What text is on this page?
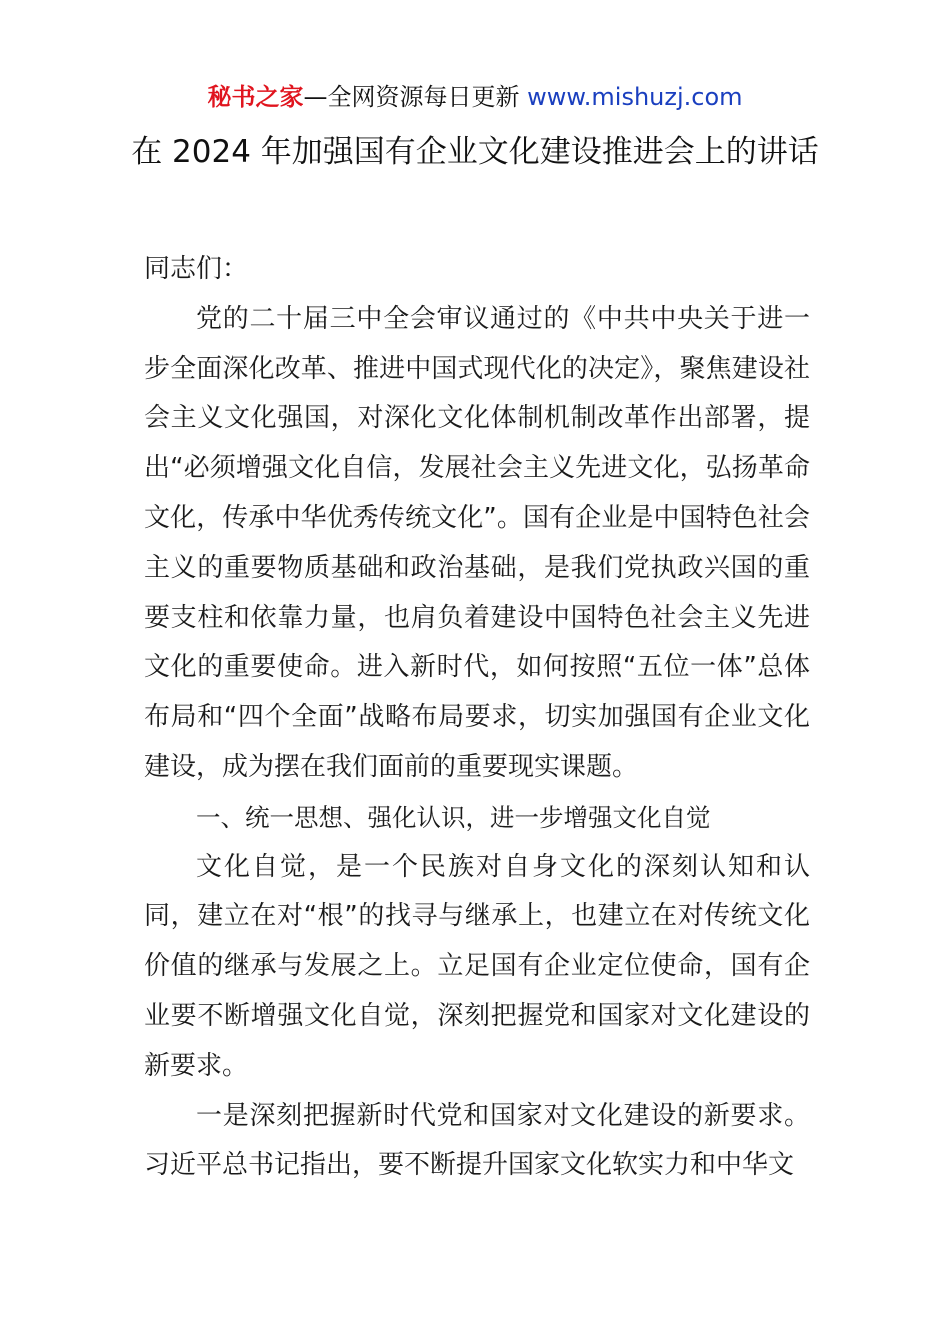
秘书之家—全网资源每日更新 www.mishuzj.com
在 2024 年加强国有企业文化建设推进会上的讲话

同志们：

党的二十届三中全会审议通过的《中共中央关于进一步全面深化改革、推进中国式现代化的决定》，聚焦建设社会主义文化强国，对深化文化体制机制改革作出部署，提出“必须增强文化自信，发展社会主义先进文化，弘扬革命文化，传承中华优秀传统文化”。国有企业是中国特色社会主义的重要物质基础和政治基础，是我们党执政兴国的重要支柱和依靠力量，也肩负着建设中国特色社会主义先进文化的重要使命。进入新时代，如何按照“五位一体”总体布局和“四个全面”战略布局要求，切实加强国有企业文化建设，成为摆在我们面前的重要现实课题。

一、统一思想、强化认识，进一步增强文化自觉

文化自觉，是一个民族对自身文化的深刻认知和认同，建立在对“根”的找寻与继承上，也建立在对传统文化价值的继承与发展之上。立足国有企业定位使命，国有企业要不断增强文化自觉，深刻把握党和国家对文化建设的新要求。

一是深刻把握新时代党和国家对文化建设的新要求。习近平总书记指出，要不断提升国家文化软实力和中华文
